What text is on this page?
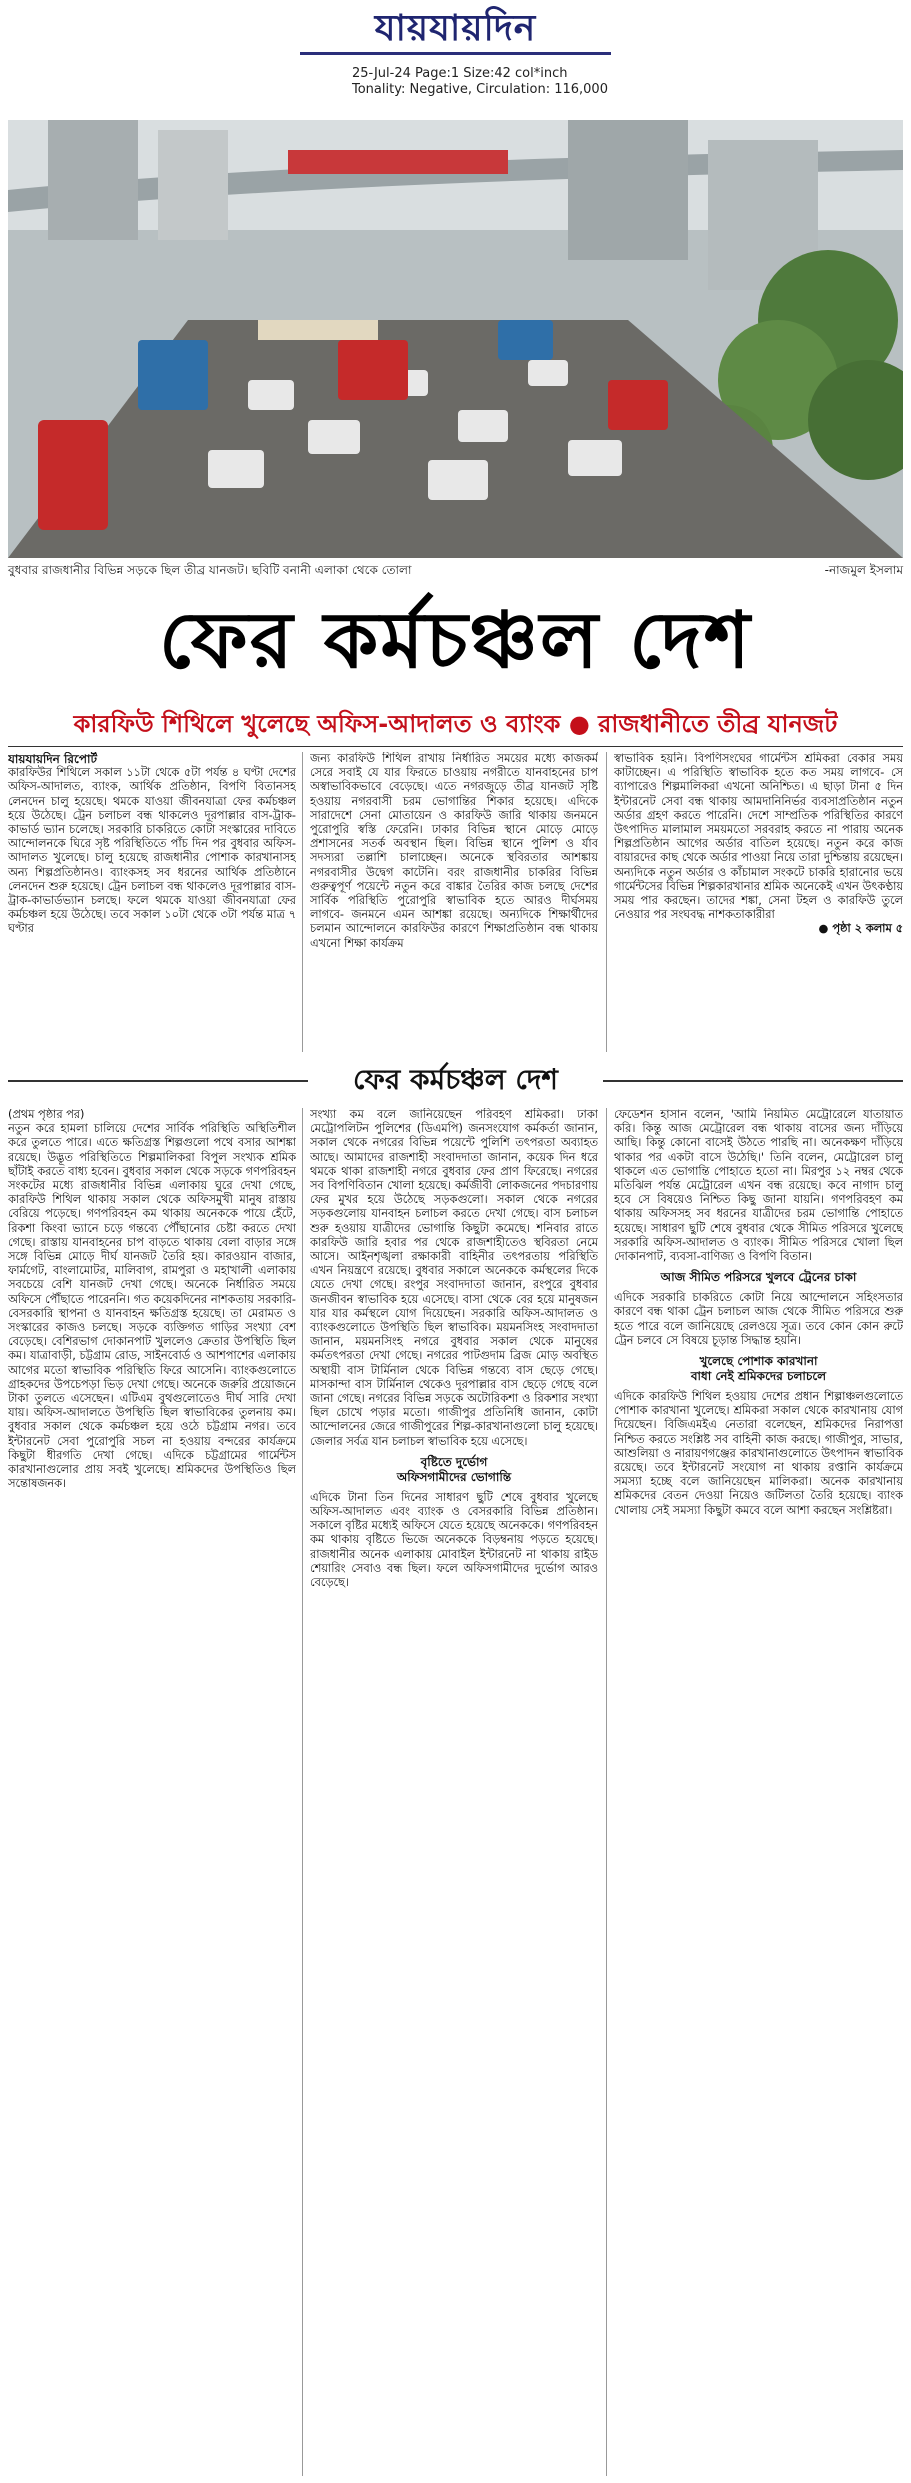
যায়যায়দিন
25-Jul-24 Page:1 Size:42 col*inch
Tonality: Negative, Circulation: 116,000
বুধবার রাজধানীর বিভিন্ন সড়কে ছিল তীব্র যানজট। ছবিটি বনানী এলাকা থেকে তোলা	-নাজমুল ইসলাম
ফের কর্মচঞ্চল দেশ
কারফিউ শিথিলে খুলেছে অফিস-আদালত ও ব্যাংক ● রাজধানীতে তীব্র যানজট
যায়যায়দিন রিপোর্ট
কারফিউর শিথিলে সকাল ১১টা থেকে ৫টা পর্যন্ত ৪ ঘণ্টা দেশের অফিস-আদালত, ব্যাংক, আর্থিক প্রতিষ্ঠান, বিপণি বিতানসহ লেনদেন চালু হয়েছে। থমকে যাওয়া জীবনযাত্রা ফের কর্মচঞ্চল হয়ে উঠেছে। ট্রেন চলাচল বন্ধ থাকলেও দূরপাল্লার বাস-ট্রাক-কাভার্ড ভ্যান চলেছে। সরকারি চাকরিতে কোটা সংস্কারের দাবিতে আন্দোলনকে ঘিরে সৃষ্ট পরিস্থিতিতে পাঁচ দিন পর বুধবার অফিস-আদালত খুলেছে। চালু হয়েছে রাজধানীর পোশাক কারখানাসহ অন্য শিল্পপ্রতিষ্ঠানও। ব্যাংকসহ সব ধরনের আর্থিক প্রতিষ্ঠানে লেনদেন শুরু হয়েছে। ট্রেন চলাচল বন্ধ থাকলেও দূরপাল্লার বাস-ট্রাক-কাভার্ডভ্যান চলছে। ফলে থমকে যাওয়া জীবনযাত্রা ফের কর্মচঞ্চল হয়ে উঠেছে। তবে সকাল ১০টা থেকে ৩টা পর্যন্ত মাত্র ৭ ঘণ্টার
জন্য কারফিউ শিথিল রাখায় নির্ধারিত সময়ের মধ্যে কাজকর্ম সেরে সবাই যে যার ফিরতে চাওয়ায় নগরীতে যানবাহনের চাপ অস্বাভাবিকভাবে বেড়েছে। এতে নগরজুড়ে তীব্র যানজট সৃষ্টি হওয়ায় নগরবাসী চরম ভোগান্তির শিকার হয়েছে। এদিকে সারাদেশে সেনা মোতায়েন ও কারফিউ জারি থাকায় জনমনে পুরোপুরি স্বস্তি ফেরেনি। ঢাকার বিভিন্ন স্থানে মোড়ে মোড়ে প্রশাসনের সতর্ক অবস্থান ছিল। বিভিন্ন স্থানে পুলিশ ও র্যাব সদস্যরা তল্লাশি চালাচ্ছেন। অনেকে স্থবিরতার আশঙ্কায় নগরবাসীর উদ্বেগ কাটেনি। বরং রাজধানীর চাকরির বিভিন্ন গুরুত্বপূর্ণ পয়েন্টে নতুন করে বাঙ্কার তৈরির কাজ চলছে দেশের সার্বিক পরিস্থিতি পুরোপুরি স্বাভাবিক হতে আরও দীর্ঘসময় লাগবে- জনমনে এমন আশঙ্কা রয়েছে। অন্যদিকে শিক্ষার্থীদের চলমান আন্দোলনে কারফিউর কারণে শিক্ষাপ্রতিষ্ঠান বন্ধ থাকায় এখনো শিক্ষা কার্যক্রম
স্বাভাবিক হয়নি। বিপণিসংঘের গার্মেন্টস শ্রমিকরা বেকার সময় কাটাচ্ছেন। এ পরিস্থিতি স্বাভাবিক হতে কত সময় লাগবে- সে ব্যাপারেও শিল্পমালিকরা এখনো অনিশ্চিত। এ ছাড়া টানা ৫ দিন ইন্টারনেট সেবা বন্ধ থাকায় আমদানিনির্ভর ব্যবসাপ্রতিষ্ঠান নতুন অর্ডার গ্রহণ করতে পারেনি। দেশে সাম্প্রতিক পরিস্থিতির কারণে উৎপাদিত মালামাল সময়মতো সরবরাহ করতে না পারায় অনেক শিল্পপ্রতিষ্ঠান আগের অর্ডার বাতিল হয়েছে। নতুন করে কাজ বায়ারদের কাছ থেকে অর্ডার পাওয়া নিয়ে তারা দুশ্চিন্তায় রয়েছেন। অন্যদিকে নতুন অর্ডার ও কাঁচামাল সংকটে চাকরি হারানোর ভয়ে গার্মেন্টসের বিভিন্ন শিল্পকারখানার শ্রমিক অনেকেই এখন উৎকণ্ঠায় সময় পার করছেন। তাদের শঙ্কা, সেনা টহল ও কারফিউ তুলে নেওয়ার পর সংঘবদ্ধ নাশকতাকারীরা
● পৃষ্ঠা ২ কলাম ৫
ফের কর্মচঞ্চল দেশ
(প্রথম পৃষ্ঠার পর)
নতুন করে হামলা চালিয়ে দেশের সার্বিক পরিস্থিতি অস্থিতিশীল করে তুলতে পারে। এতে ক্ষতিগ্রস্ত শিল্পগুলো পথে বসার আশঙ্কা রয়েছে। উদ্ভূত পরিস্থিতিতে শিল্পমালিকরা বিপুল সংখ্যক শ্রমিক ছাঁটাই করতে বাধ্য হবেন। বুধবার সকাল থেকে সড়কে গণপরিবহন সংকটের মধ্যে রাজধানীর বিভিন্ন এলাকায় ঘুরে দেখা গেছে, কারফিউ শিথিল থাকায় সকাল থেকে অফিসমুখী মানুষ রাস্তায় বেরিয়ে পড়েছে। গণপরিবহন কম থাকায় অনেককে পায়ে হেঁটে, রিকশা কিংবা ভ্যানে চড়ে গন্তব্যে পৌঁছানোর চেষ্টা করতে দেখা গেছে। রাস্তায় যানবাহনের চাপ বাড়তে থাকায় বেলা বাড়ার সঙ্গে সঙ্গে বিভিন্ন মোড়ে দীর্ঘ যানজট তৈরি হয়। কারওয়ান বাজার, ফার্মগেট, বাংলামোটর, মালিবাগ, রামপুরা ও মহাখালী এলাকায় সবচেয়ে বেশি যানজট দেখা গেছে। অনেকে নির্ধারিত সময়ে অফিসে পৌঁছাতে পারেননি। গত কয়েকদিনের নাশকতায় সরকারি-বেসরকারি স্থাপনা ও যানবাহন ক্ষতিগ্রস্ত হয়েছে। তা মেরামত ও সংস্কারের কাজও চলছে। সড়কে ব্যক্তিগত গাড়ির সংখ্যা বেশ বেড়েছে। বেশিরভাগ দোকানপাট খুললেও ক্রেতার উপস্থিতি ছিল কম। যাত্রাবাড়ী, চট্টগ্রাম রোড, সাইনবোর্ড ও আশপাশের এলাকায় আগের মতো স্বাভাবিক পরিস্থিতি ফিরে আসেনি। ব্যাংকগুলোতে গ্রাহকদের উপচেপড়া ভিড় দেখা গেছে। অনেকে জরুরি প্রয়োজনে টাকা তুলতে এসেছেন। এটিএম বুথগুলোতেও দীর্ঘ সারি দেখা যায়। অফিস-আদালতে উপস্থিতি ছিল স্বাভাবিকের তুলনায় কম। বুধবার সকাল থেকে কর্মচঞ্চল হয়ে ওঠে চট্টগ্রাম নগর। তবে ইন্টারনেট সেবা পুরোপুরি সচল না হওয়ায় বন্দরের কার্যক্রমে কিছুটা ধীরগতি দেখা গেছে। এদিকে চট্টগ্রামের গার্মেন্টস কারখানাগুলোর প্রায় সবই খুলেছে। শ্রমিকদের উপস্থিতিও ছিল সন্তোষজনক।
সংখ্যা কম বলে জানিয়েছেন পরিবহণ শ্রমিকরা। ঢাকা মেট্রোপলিটন পুলিশের (ডিএমপি) জনসংযোগ কর্মকর্তা জানান, সকাল থেকে নগরের বিভিন্ন পয়েন্টে পুলিশি তৎপরতা অব্যাহত আছে। আমাদের রাজশাহী সংবাদদাতা জানান, কয়েক দিন ধরে থমকে থাকা রাজশাহী নগরে বুধবার ফের প্রাণ ফিরেছে। নগরের সব বিপণিবিতান খোলা হয়েছে। কর্মজীবী লোকজনের পদচারণায় ফের মুখর হয়ে উঠেছে সড়কগুলো। সকাল থেকে নগরের সড়কগুলোয় যানবাহন চলাচল করতে দেখা গেছে। বাস চলাচল শুরু হওয়ায় যাত্রীদের ভোগান্তি কিছুটা কমেছে। শনিবার রাতে কারফিউ জারি হবার পর থেকে রাজশাহীতেও স্থবিরতা নেমে আসে। আইনশৃঙ্খলা রক্ষাকারী বাহিনীর তৎপরতায় পরিস্থিতি এখন নিয়ন্ত্রণে রয়েছে। বুধবার সকালে অনেককে কর্মস্থলের দিকে যেতে দেখা গেছে। রংপুর সংবাদদাতা জানান, রংপুরে বুধবার জনজীবন স্বাভাবিক হয়ে এসেছে। বাসা থেকে বের হয়ে মানুষজন যার যার কর্মস্থলে যোগ দিয়েছেন। সরকারি অফিস-আদালত ও ব্যাংকগুলোতে উপস্থিতি ছিল স্বাভাবিক। ময়মনসিংহ সংবাদদাতা জানান, ময়মনসিংহ নগরে বুধবার সকাল থেকে মানুষের কর্মতৎপরতা দেখা গেছে। নগরের পাটগুদাম ব্রিজ মোড় অবস্থিত অস্থায়ী বাস টার্মিনাল থেকে বিভিন্ন গন্তব্যে বাস ছেড়ে গেছে। মাসকান্দা বাস টার্মিনাল থেকেও দূরপাল্লার বাস ছেড়ে গেছে বলে জানা গেছে। নগরের বিভিন্ন সড়কে অটোরিকশা ও রিকশার সংখ্যা ছিল চোখে পড়ার মতো। গাজীপুর প্রতিনিধি জানান, কোটা আন্দোলনের জেরে গাজীপুরের শিল্প-কারখানাগুলো চালু হয়েছে। জেলার সর্বত্র যান চলাচল স্বাভাবিক হয়ে এসেছে।
বৃষ্টিতে দুর্ভোগ
অফিসগামীদের ভোগান্তি
এদিকে টানা তিন দিনের সাধারণ ছুটি শেষে বুধবার খুলেছে অফিস-আদালত এবং ব্যাংক ও বেসরকারি বিভিন্ন প্রতিষ্ঠান। সকালে বৃষ্টির মধ্যেই অফিসে যেতে হয়েছে অনেককে। গণপরিবহন কম থাকায় বৃষ্টিতে ভিজে অনেককে বিড়ম্বনায় পড়তে হয়েছে। রাজধানীর অনেক এলাকায় মোবাইল ইন্টারনেট না থাকায় রাইড শেয়ারিং সেবাও বন্ধ ছিল। ফলে অফিসগামীদের দুর্ভোগ আরও বেড়েছে।
ফেডেশন হাসান বলেন, 'আমি নিয়মিত মেট্রোরেলে যাতায়াত করি। কিন্তু আজ মেট্রোরেল বন্ধ থাকায় বাসের জন্য দাঁড়িয়ে আছি। কিন্তু কোনো বাসেই উঠতে পারছি না। অনেকক্ষণ দাঁড়িয়ে থাকার পর একটা বাসে উঠেছি।' তিনি বলেন, মেট্রোরেল চালু থাকলে এত ভোগান্তি পোহাতে হতো না। মিরপুর ১২ নম্বর থেকে মতিঝিল পর্যন্ত মেট্রোরেল এখন বন্ধ রয়েছে। কবে নাগাদ চালু হবে সে বিষয়েও নিশ্চিত কিছু জানা যায়নি। গণপরিবহণ কম থাকায় অফিসসহ সব ধরনের যাত্রীদের চরম ভোগান্তি পোহাতে হয়েছে। সাধারণ ছুটি শেষে বুধবার থেকে সীমিত পরিসরে খুলেছে সরকারি অফিস-আদালত ও ব্যাংক। সীমিত পরিসরে খোলা ছিল দোকানপাট, ব্যবসা-বাণিজ্য ও বিপণি বিতান।
আজ সীমিত পরিসরে খুলবে ট্রেনের চাকা
এদিকে সরকারি চাকরিতে কোটা নিয়ে আন্দোলনে সহিংসতার কারণে বন্ধ থাকা ট্রেন চলাচল আজ থেকে সীমিত পরিসরে শুরু হতে পারে বলে জানিয়েছে রেলওয়ে সূত্র। তবে কোন কোন রুটে ট্রেন চলবে সে বিষয়ে চূড়ান্ত সিদ্ধান্ত হয়নি।
খুলেছে পোশাক কারখানা
বাধা নেই শ্রমিকদের চলাচলে
এদিকে কারফিউ শিথিল হওয়ায় দেশের প্রধান শিল্পাঞ্চলগুলোতে পোশাক কারখানা খুলেছে। শ্রমিকরা সকাল থেকে কারখানায় যোগ দিয়েছেন। বিজিএমইএ নেতারা বলেছেন, শ্রমিকদের নিরাপত্তা নিশ্চিত করতে সংশ্লিষ্ট সব বাহিনী কাজ করছে। গাজীপুর, সাভার, আশুলিয়া ও নারায়ণগঞ্জের কারখানাগুলোতে উৎপাদন স্বাভাবিক রয়েছে। তবে ইন্টারনেট সংযোগ না থাকায় রপ্তানি কার্যক্রমে সমস্যা হচ্ছে বলে জানিয়েছেন মালিকরা। অনেক কারখানায় শ্রমিকদের বেতন দেওয়া নিয়েও জটিলতা তৈরি হয়েছে। ব্যাংক খোলায় সেই সমস্যা কিছুটা কমবে বলে আশা করছেন সংশ্লিষ্টরা।
